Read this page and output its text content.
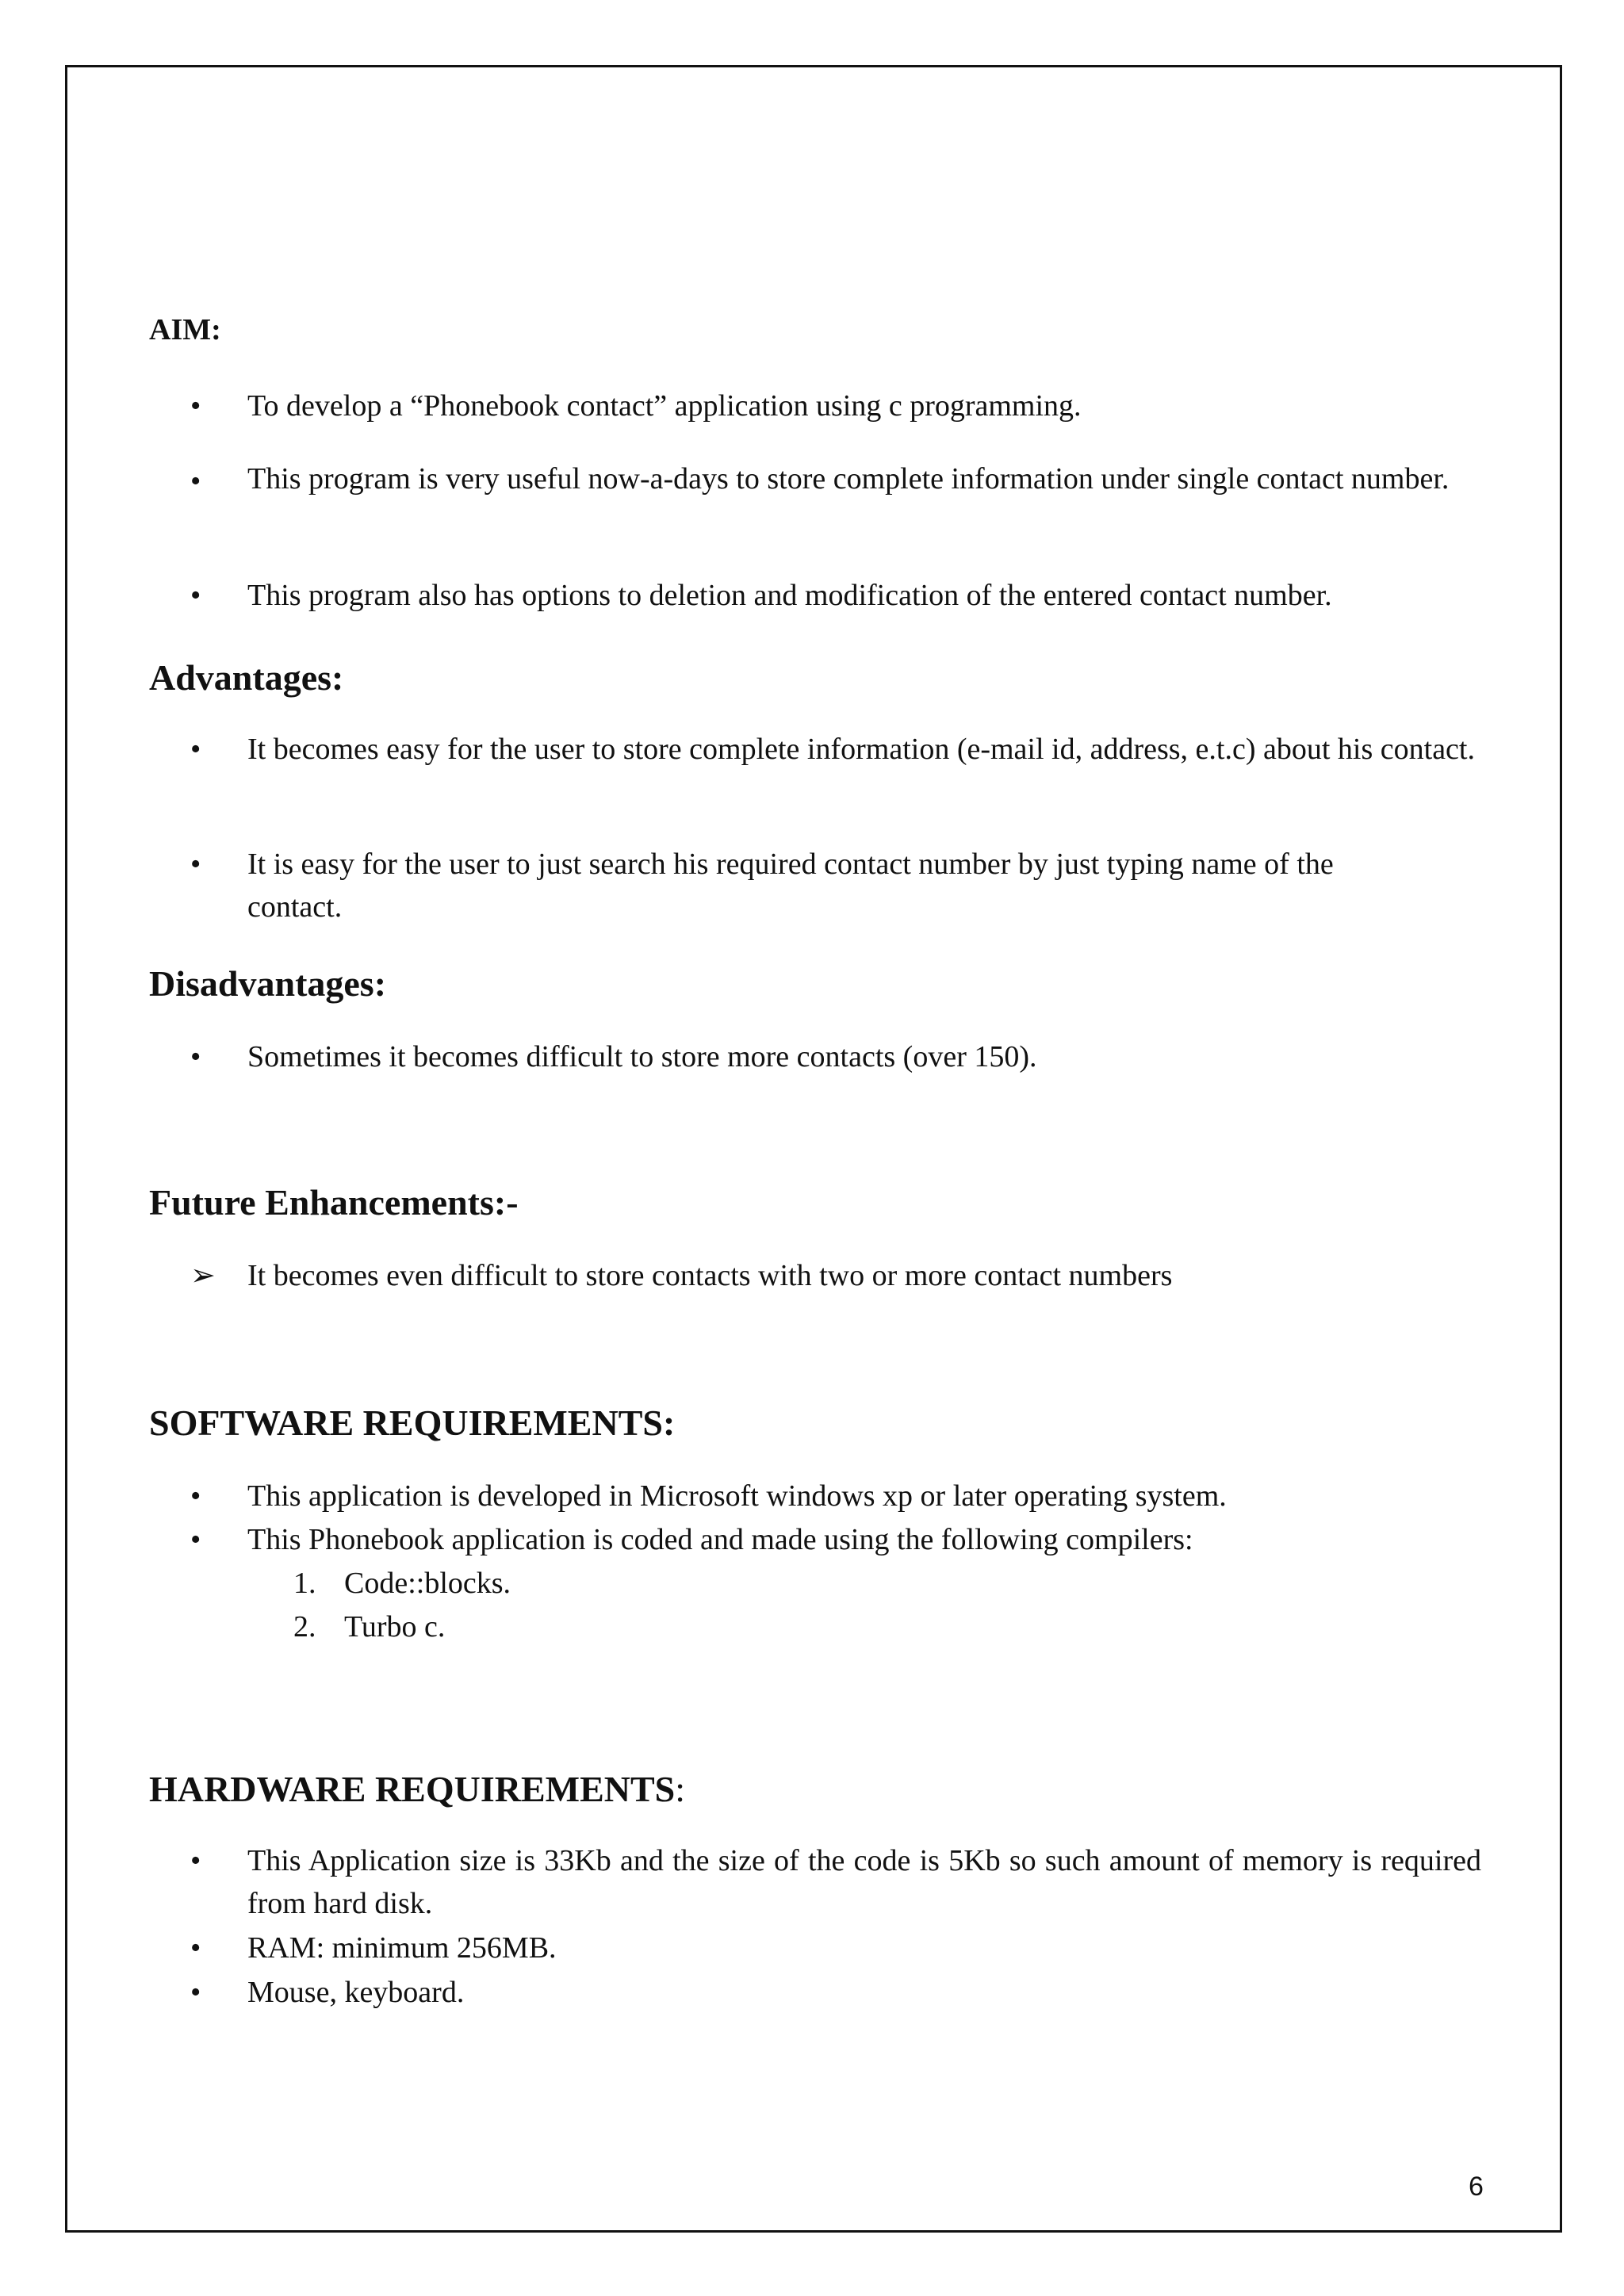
AIM:
•	To develop a “Phonebook contact” application using c programming.
•	This program is very useful now-a-days to store complete information under single contact number.
•	This program also has options to deletion and modification of the entered contact number.
Advantages:
•	It becomes easy for the user to store complete information (e-mail id, address, e.t.c) about his contact.
•	It is easy for the user to just search his required contact number by just typing name of the contact.
Disadvantages:
•	Sometimes it becomes difficult to store more contacts (over 150).
Future Enhancements:-
➢ It becomes even difficult to store contacts with two or more contact numbers
SOFTWARE REQUIREMENTS:
•	This application is developed in Microsoft windows xp or later operating system.
•	This Phonebook application is coded and made using the following compilers:
1. Code::blocks.
2. Turbo c.
HARDWARE REQUIREMENTS:
•	This Application size is 33Kb and the size of the code is 5Kb so such amount of memory is required from hard disk.
•	RAM: minimum 256MB.
•	Mouse, keyboard.
6
